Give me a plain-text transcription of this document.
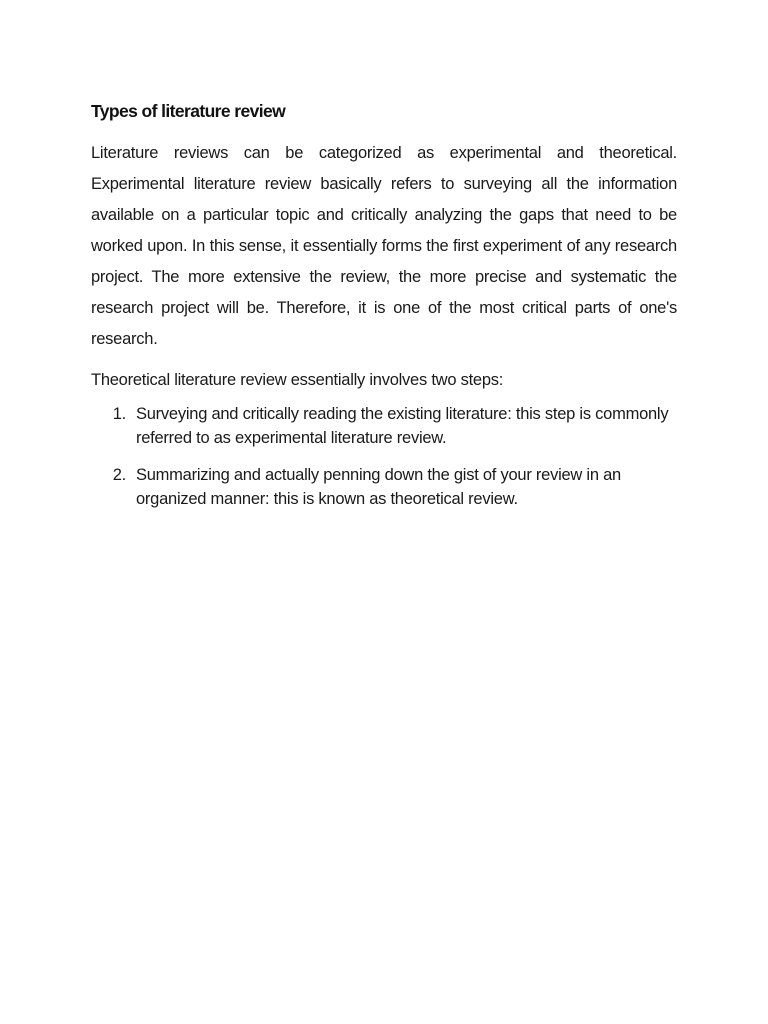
Types of literature review

Literature reviews can be categorized as experimental and theoretical. Experimental literature review basically refers to surveying all the information available on a particular topic and critically analyzing the gaps that need to be worked upon. In this sense, it essentially forms the first experiment of any research project. The more extensive the review, the more precise and systematic the research project will be. Therefore, it is one of the most critical parts of one's research.

Theoretical literature review essentially involves two steps:

1. Surveying and critically reading the existing literature: this step is commonly referred to as experimental literature review.
2. Summarizing and actually penning down the gist of your review in an organized manner: this is known as theoretical review.
